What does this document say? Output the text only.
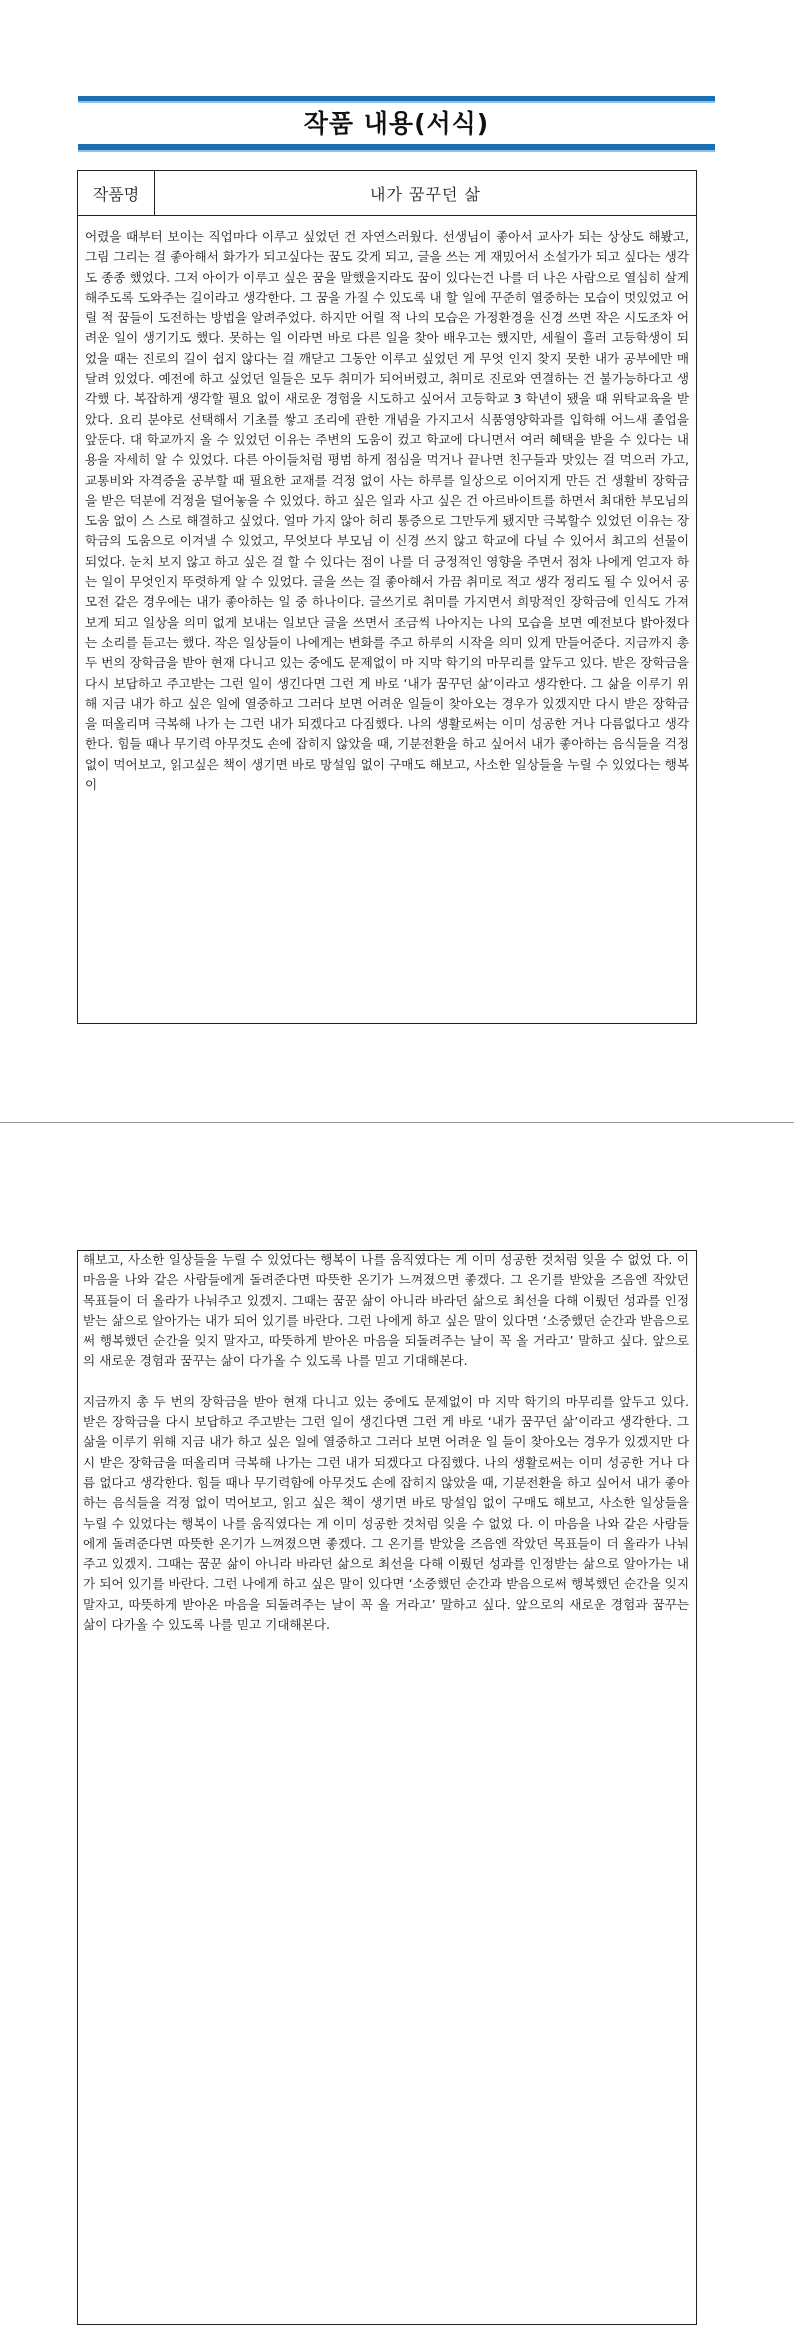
작품 내용(서식)
작품명	내가 꿈꾸던 삶

어렸을 때부터 보이는 직업마다 이루고 싶었던 건 자연스러웠다. 선생님이 좋아서 교사가 되는 상상도 해봤고, 그림 그리는 걸 좋아해서 화가가 되고싶다는 꿈도 갖게 되고, 글을 쓰는 게 재밌어서 소설가가 되고 싶다는 생각도 종종 했었다. 그저 아이가 이루고 싶은 꿈을 말했을지라도 꿈이 있다는건 나를 더 나은 사람으로 열심히 살게 해주도록 도와주는 길이라고 생각한다. 그 꿈을 가질 수 있도록 내 할 일에 꾸준히 열중하는 모습이 멋있었고 어릴 적 꿈들이 도전하는 방법을 알려주었다. 하지만 어릴 적 나의 모습은 가정환경을 신경 쓰면 작은 시도조차 어려운 일이 생기기도 했다. 못하는 일 이라면 바로 다른 일을 찾아 배우고는 했지만, 세월이 흘러 고등학생이 되었을 때는 진로의 길이 쉽지 않다는 걸 깨닫고 그동안 이루고 싶었던 게 무엇 인지 찾지 못한 내가 공부에만 매달려 있었다. 예전에 하고 싶었던 일들은 모두 취미가 되어버렸고, 취미로 진로와 연결하는 건 불가능하다고 생각했 다. 복잡하게 생각할 필요 없이 새로운 경험을 시도하고 싶어서 고등학교 3 학년이 됐을 때 위탁교육을 받았다. 요리 분야로 선택해서 기초를 쌓고 조리에 관한 개념을 가지고서 식품영양학과를 입학해 어느새 졸업을 앞둔다. 대 학교까지 올 수 있었던 이유는 주변의 도움이 컸고 학교에 다니면서 여러 혜택을 받을 수 있다는 내용을 자세히 알 수 있었다. 다른 아이들처럼 평범 하게 점심을 먹거나 끝나면 친구들과 맛있는 걸 먹으러 가고, 교통비와 자격증을 공부할 때 필요한 교재를 걱정 없이 사는 하루를 일상으로 이어지게 만든 건 생활비 장학금을 받은 덕분에 걱정을 덜어놓을 수 있었다. 하고 싶은 일과 사고 싶은 건 아르바이트를 하면서 최대한 부모님의 도움 없이 스 스로 해결하고 싶었다. 얼마 가지 않아 허리 통증으로 그만두게 됐지만 극복할수 있었던 이유는 장학금의 도움으로 이겨낼 수 있었고, 무엇보다 부모님 이 신경 쓰지 않고 학교에 다닐 수 있어서 최고의 선물이 되었다. 눈치 보지 않고 하고 싶은 걸 할 수 있다는 점이 나를 더 긍정적인 영향을 주면서 점차 나에게 얻고자 하는 일이 무엇인지 뚜렷하게 알 수 있었다. 글을 쓰는 걸 좋아해서 가끔 취미로 적고 생각 정리도 될 수 있어서 공모전 같은 경우에는 내가 좋아하는 일 중 하나이다. 글쓰기로 취미를 가지면서 희망적인 장학금에 인식도 가져보게 되고 일상을 의미 없게 보내는 일보단 글을 쓰면서 조금씩 나아지는 나의 모습을 보면 예전보다 밝아졌다는 소리를 듣고는 했다. 작은 일상들이 나에게는 변화를 주고 하루의 시작을 의미 있게 만들어준다. 지금까지 총 두 번의 장학금을 받아 현재 다니고 있는 중에도 문제없이 마 지막 학기의 마무리를 앞두고 있다. 받은 장학금을 다시 보답하고 주고받는 그런 일이 생긴다면 그런 게 바로 ‘내가 꿈꾸던 삶’이라고 생각한다. 그 삶을 이루기 위해 지금 내가 하고 싶은 일에 열중하고 그러다 보면 어려운 일들이 찾아오는 경우가 있겠지만 다시 받은 장학금을 떠올리며 극복해 나가 는 그런 내가 되겠다고 다짐했다. 나의 생활로써는 이미 성공한 거나 다름없다고 생각한다. 힘들 때나 무기력 아무것도 손에 잡히지 않았을 때, 기분전환을 하고 싶어서 내가 좋아하는 음식들을 걱정없이 먹어보고, 읽고싶은 책이 생기면 바로 망설임 없이 구매도 해보고, 사소한 일상들을 누릴 수 있었다는 행복이

해보고, 사소한 일상들을 누릴 수 있었다는 행복이 나를 움직였다는 게 이미 성공한 것처럼 잊을 수 없었 다. 이 마음을 나와 같은 사람들에게 돌려준다면 따뜻한 온기가 느껴졌으면 좋겠다. 그 온기를 받았을 즈음엔 작았던 목표들이 더 올라가 나눠주고 있겠지. 그때는 꿈꾼 삶이 아니라 바라던 삶으로 최선을 다해 이뤘던 성과를 인정받는 삶으로 알아가는 내가 되어 있기를 바란다. 그런 나에게 하고 싶은 말이 있다면 ‘소중했던 순간과 받음으로써 행복했던 순간을 잊지 말자고, 따뜻하게 받아온 마음을 되돌려주는 날이 꼭 올 거라고’ 말하고 싶다. 앞으로의 새로운 경험과 꿈꾸는 삶이 다가올 수 있도록 나를 믿고 기대해본다.

지금까지 총 두 번의 장학금을 받아 현재 다니고 있는 중에도 문제없이 마 지막 학기의 마무리를 앞두고 있다. 받은 장학금을 다시 보답하고 주고받는 그런 일이 생긴다면 그런 게 바로 ‘내가 꿈꾸던 삶’이라고 생각한다. 그 삶을 이루기 위해 지금 내가 하고 싶은 일에 열중하고 그러다 보면 어려운 일 들이 찾아오는 경우가 있겠지만 다시 받은 장학금을 떠올리며 극복해 나가는 그런 내가 되겠다고 다짐했다. 나의 생활로써는 이미 성공한 거나 다름 없다고 생각한다. 힘들 때나 무기력함에 아무것도 손에 잡히지 않았을 때, 기분전환을 하고 싶어서 내가 좋아하는 음식들을 걱정 없이 먹어보고, 읽고 싶은 책이 생기면 바로 망설임 없이 구매도 해보고, 사소한 일상들을 누릴 수 있었다는 행복이 나를 움직였다는 게 이미 성공한 것처럼 잊을 수 없었 다. 이 마음을 나와 같은 사람들에게 돌려준다면 따뜻한 온기가 느껴졌으면 좋겠다. 그 온기를 받았을 즈음엔 작았던 목표들이 더 올라가 나눠주고 있겠지. 그때는 꿈꾼 삶이 아니라 바라던 삶으로 최선을 다해 이뤘던 성과를 인정받는 삶으로 알아가는 내가 되어 있기를 바란다. 그런 나에게 하고 싶은 말이 있다면 ‘소중했던 순간과 받음으로써 행복했던 순간을 잊지 말자고, 따뜻하게 받아온 마음을 되돌려주는 날이 꼭 올 거라고’ 말하고 싶다. 앞으로의 새로운 경험과 꿈꾸는 삶이 다가올 수 있도록 나를 믿고 기대해본다.
